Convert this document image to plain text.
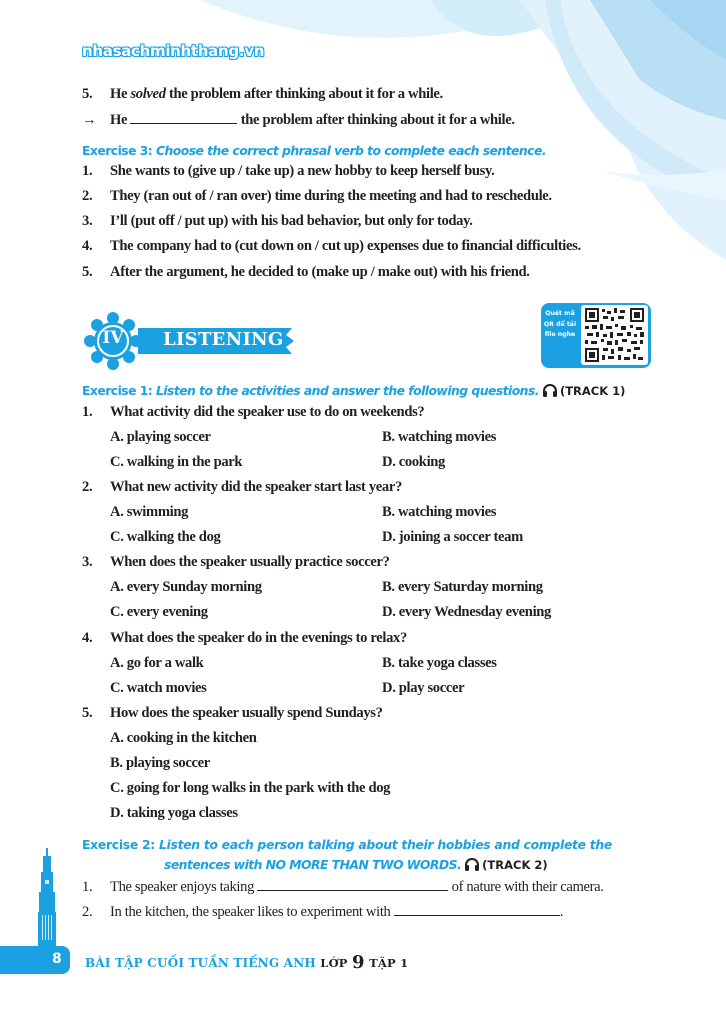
nhasachminhthang.vn
5. He solved the problem after thinking about it for a while.
→ He	the problem after thinking about it for a while.
Exercise 3: Choose the correct phrasal verb to complete each sentence.
1. She wants to (give up / take up) a new hobby to keep herself busy.
2. They (ran out of / ran over) time during the meeting and had to reschedule.
3. I’ll (put off / put up) with his bad behavior, but only for today.
4. The company had to (cut down on / cut up) expenses due to financial difficulties.
5. After the argument, he decided to (make up / make out) with his friend.
IV LISTENING
Quét mã QR để tải file nghe
Exercise 1: Listen to the activities and answer the following questions. (TRACK 1)
1. What activity did the speaker use to do on weekends?
A. playing soccer	B. watching movies
C. walking in the park	D. cooking
2. What new activity did the speaker start last year?
A. swimming	B. watching movies
C. walking the dog	D. joining a soccer team
3. When does the speaker usually practice soccer?
A. every Sunday morning	B. every Saturday morning
C. every evening	D. every Wednesday evening
4. What does the speaker do in the evenings to relax?
A. go for a walk	B. take yoga classes
C. watch movies	D. play soccer
5. How does the speaker usually spend Sundays?
A. cooking in the kitchen
B. playing soccer
C. going for long walks in the park with the dog
D. taking yoga classes
Exercise 2: Listen to each person talking about their hobbies and complete the
sentences with NO MORE THAN TWO WORDS. (TRACK 2)
1. The speaker enjoys taking	of nature with their camera.
2. In the kitchen, the speaker likes to experiment with	.
8 BÀI TẬP CUỐI TUẦN TIẾNG ANH LỚP 9 TẬP 1
